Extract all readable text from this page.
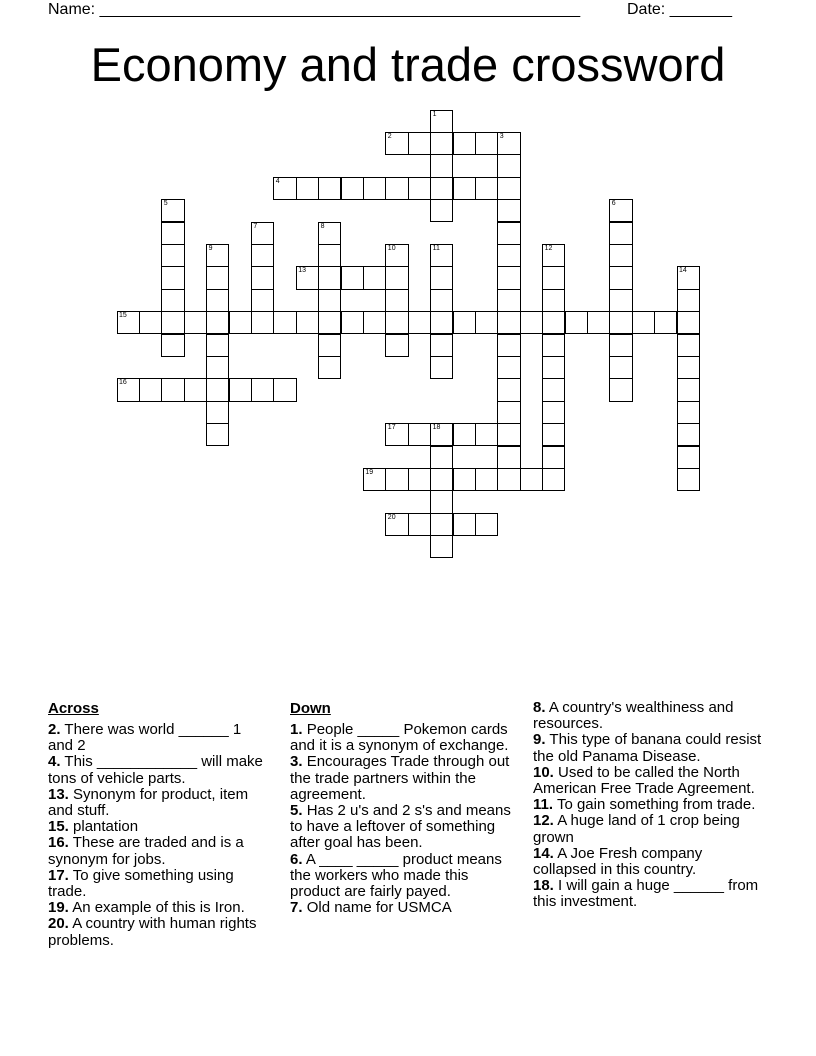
Name: ______________________________________________________	Date: _______
Economy and trade crossword
1
2	3
4
5	6
7	8
9	10	11	12
13	14
15
16
17	18
19
20
Across

2. There was world ______ 1 and 2

4. This ____________ will make tons of vehicle parts.

13. Synonym for product, item and stuff.

15. plantation

16. These are traded and is a synonym for jobs.

17. To give something using trade.

19. An example of this is Iron.

20. A country with human rights problems.

Down

1. People _____ Pokemon cards and it is a synonym of exchange.

3. Encourages Trade through out the trade partners within the agreement.

5. Has 2 u's and 2 s's and means to have a leftover of something after goal has been.

6. A ____ _____ product means the workers who made this product are fairly payed.

7. Old name for USMCA

8. A country's wealthiness and resources.

9. This type of banana could resist the old Panama Disease.

10. Used to be called the North American Free Trade Agreement.

11. To gain something from trade.

12. A huge land of 1 crop being grown

14. A Joe Fresh company collapsed in this country.

18. I will gain a huge ______ from this investment.
